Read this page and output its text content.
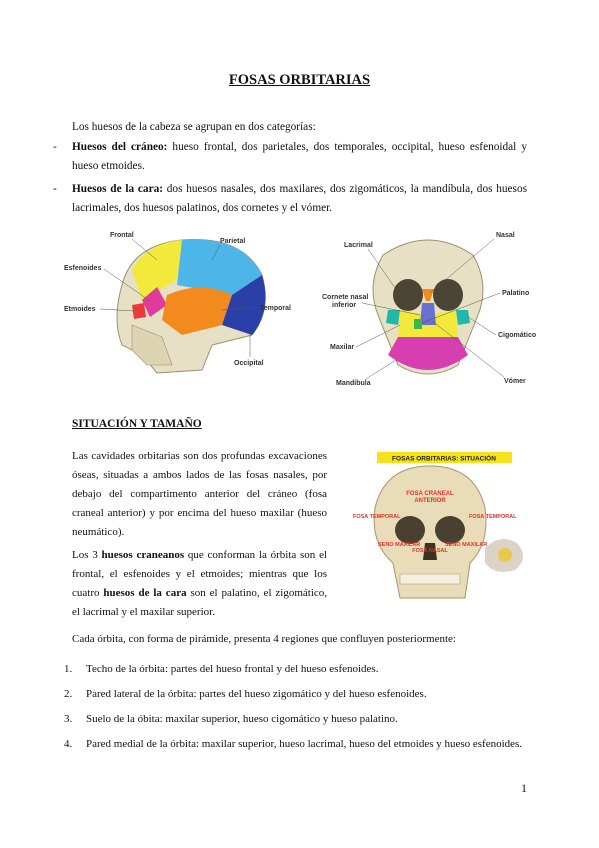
FOSAS ORBITARIAS
Los huesos de la cabeza se agrupan en dos categorías:
- Huesos del cráneo: hueso frontal, dos parietales, dos temporales, occipital, hueso esfenoidal y hueso etmoides.
- Huesos de la cara: dos huesos nasales, dos maxilares, dos zigomáticos, la mandíbula, dos huesos lacrimales, dos huesos palatinos, dos cornetes y el vómer.
Frontal
Parietal
Esfenoides
Etmoides	Temporal
Occipital
Lacrimal
Nasal
Palatino
Cornete nasal
inferior
Maxilar
Cigomático
Mandíbula	Vómer
SITUACIÓN Y TAMAÑO
Las cavidades orbitarias son dos profundas excavaciones óseas, situadas a ambos lados de las fosas nasales, por debajo del compartimento anterior del cráneo (fosa craneal anterior) y por encima del hueso maxilar (hueso neumático).
Los 3 huesos craneanos que conforman la órbita son el frontal, el esfenoides y el etmoides; mientras que los cuatro huesos de la cara son el palatino, el zigomático, el lacrimal y el maxilar superior.
FOSAS ORBITARIAS: SITUACIÓN
FOSA CRANEAL
ANTERIOR
FOSA TEMPORAL	FOSA TEMPORAL
FOSA NASAL
SENO MAXILAR	SENO MAXILAR
Cada órbita, con forma de pirámide, presenta 4 regiones que confluyen posteriormente:
1. Techo de la órbita: partes del hueso frontal y del hueso esfenoides.
2. Pared lateral de la órbita: partes del hueso zigomático y del hueso esfenoides.
3. Suelo de la óbita: maxilar superior, hueso cigomático y hueso palatino.
4. Pared medial de la órbita: maxilar superior, hueso lacrimal, hueso del etmoides y hueso esfenoides.
1
